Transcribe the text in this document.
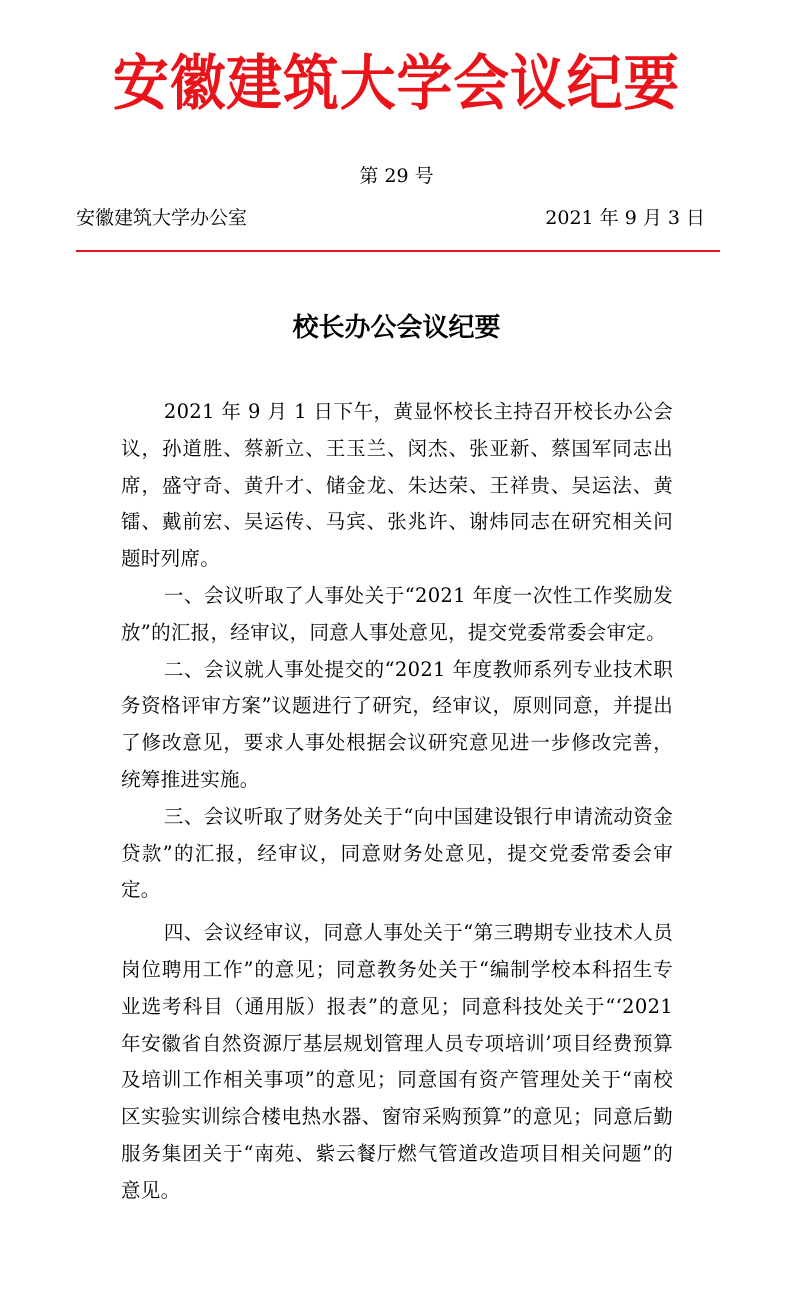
安徽建筑大学会议纪要
第 29 号
安徽建筑大学办公室	2021 年 9 月 3 日
校长办公会议纪要

2021 年 9 月 1 日下午，黄显怀校长主持召开校长办公会议，孙道胜、蔡新立、王玉兰、闵杰、张亚新、蔡国军同志出席，盛守奇、黄升才、储金龙、朱达荣、王祥贵、吴运法、黄镭、戴前宏、吴运传、马宾、张兆许、谢炜同志在研究相关问题时列席。

一、会议听取了人事处关于“2021 年度一次性工作奖励发放”的汇报，经审议，同意人事处意见，提交党委常委会审定。

二、会议就人事处提交的“2021 年度教师系列专业技术职务资格评审方案”议题进行了研究，经审议，原则同意，并提出了修改意见，要求人事处根据会议研究意见进一步修改完善，统筹推进实施。

三、会议听取了财务处关于“向中国建设银行申请流动资金贷款”的汇报，经审议，同意财务处意见，提交党委常委会审定。

四、会议经审议，同意人事处关于“第三聘期专业技术人员岗位聘用工作”的意见；同意教务处关于“编制学校本科招生专业选考科目（通用版）报表”的意见；同意科技处关于“‘2021 年安徽省自然资源厅基层规划管理人员专项培训’项目经费预算及培训工作相关事项”的意见；同意国有资产管理处关于“南校区实验实训综合楼电热水器、窗帘采购预算”的意见；同意后勤服务集团关于“南苑、紫云餐厅燃气管道改造项目相关问题”的意见。
